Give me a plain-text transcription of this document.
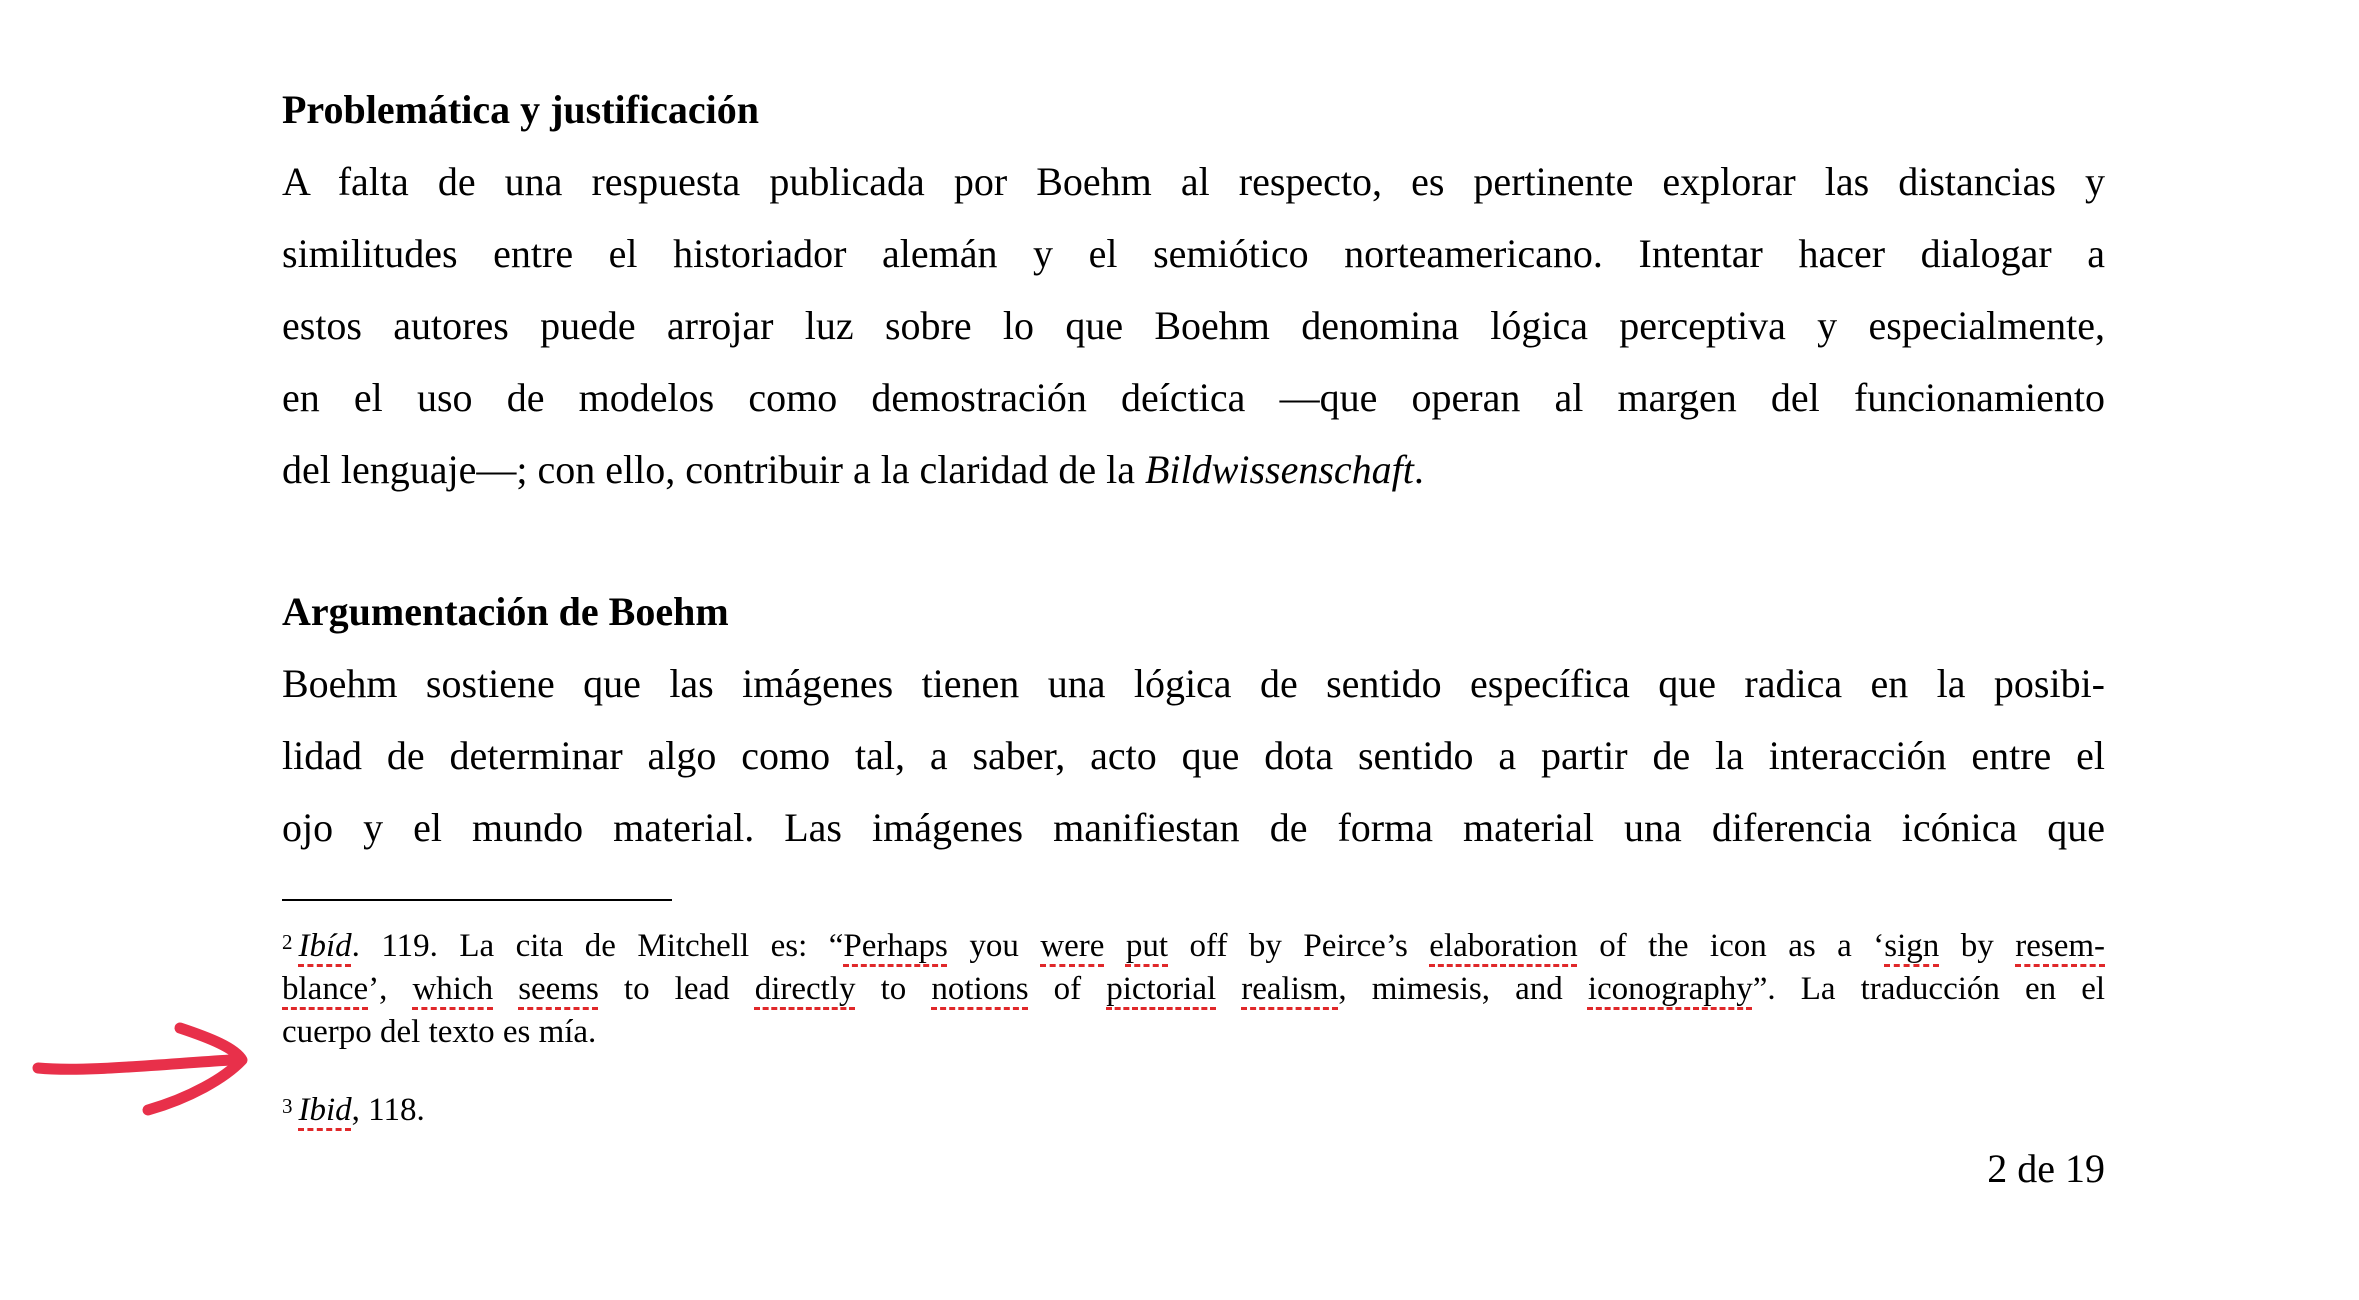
Problemática y justificación
A falta de una respuesta publicada por Boehm al respecto, es pertinente explorar las distancias y
similitudes entre el historiador alemán y el semiótico norteamericano. Intentar hacer dialogar a
estos autores puede arrojar luz sobre lo que Boehm denomina lógica perceptiva y especialmente,
en el uso de modelos como demostración deíctica —que operan al margen del funcionamiento
del lenguaje—; con ello, contribuir a la claridad de la Bildwissenschaft.
Argumentación de Boehm
Boehm sostiene que las imágenes tienen una lógica de sentido específica que radica en la posibi-
lidad de determinar algo como tal, a saber, acto que dota sentido a partir de la interacción entre el
ojo y el mundo material. Las imágenes manifiestan de forma material una diferencia icónica que
$^2$ Ibíd. 119. La cita de Mitchell es: “Perhaps you were put off by Peirce’s elaboration of the icon as a ‘sign by resem-
blance’, which seems to lead directly to notions of pictorial realism, mimesis, and iconography”. La traducción en el
cuerpo del texto es mía.
$^3$ Ibid, 118.
2 de 19
